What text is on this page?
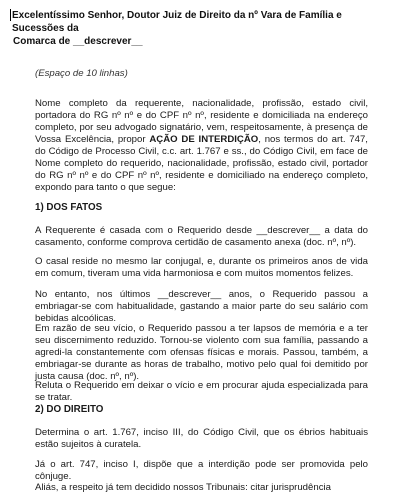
Excelentíssimo Senhor, Doutor Juiz de Direito da nº Vara de Família e Sucessões da
Comarca de __descrever__
(Espaço de 10 linhas)
Nome completo da requerente, nacionalidade, profissão, estado civil, portadora do RG nº nº e do CPF nº nº, residente e domiciliada na endereço completo, por seu advogado signatário, vem, respeitosamente, à presença de Vossa Excelência, propor AÇÃO DE INTERDIÇÃO, nos termos do art. 747, do Código de Processo Civil, c.c. art. 1.767 e ss., do Código Civil, em face de Nome completo do requerido, nacionalidade, profissão, estado civil, portador do RG nº nº e do CPF nº nº, residente e domiciliado na endereço completo, expondo para tanto o que segue:
1) DOS FATOS
A Requerente é casada com o Requerido desde __descrever__ a data do casamento, conforme comprova certidão de casamento anexa (doc. nº, nº).
O casal reside no mesmo lar conjugal, e, durante os primeiros anos de vida em comum, tiveram uma vida harmoniosa e com muitos momentos felizes.
No entanto, nos últimos __descrever__ anos, o Requerido passou a embriagar-se com habitualidade, gastando a maior parte do seu salário com bebidas alcoólicas.
Em razão de seu vício, o Requerido passou a ter lapsos de memória e a ter seu discernimento reduzido. Tornou-se violento com sua família, passando a agredi-la constantemente com ofensas físicas e morais. Passou, também, a embriagar-se durante as horas de trabalho, motivo pelo qual foi demitido por justa causa (doc. nº, nº).
Reluta o Requerido em deixar o vício e em procurar ajuda especializada para se tratar.
2) DO DIREITO
Determina o art. 1.767, inciso III, do Código Civil, que os ébrios habituais estão sujeitos à curatela.
Já o art. 747, inciso I, dispõe que a interdição pode ser promovida pelo cônjuge.
Aliás, a respeito já tem decidido nossos Tribunais: citar jurisprudência
